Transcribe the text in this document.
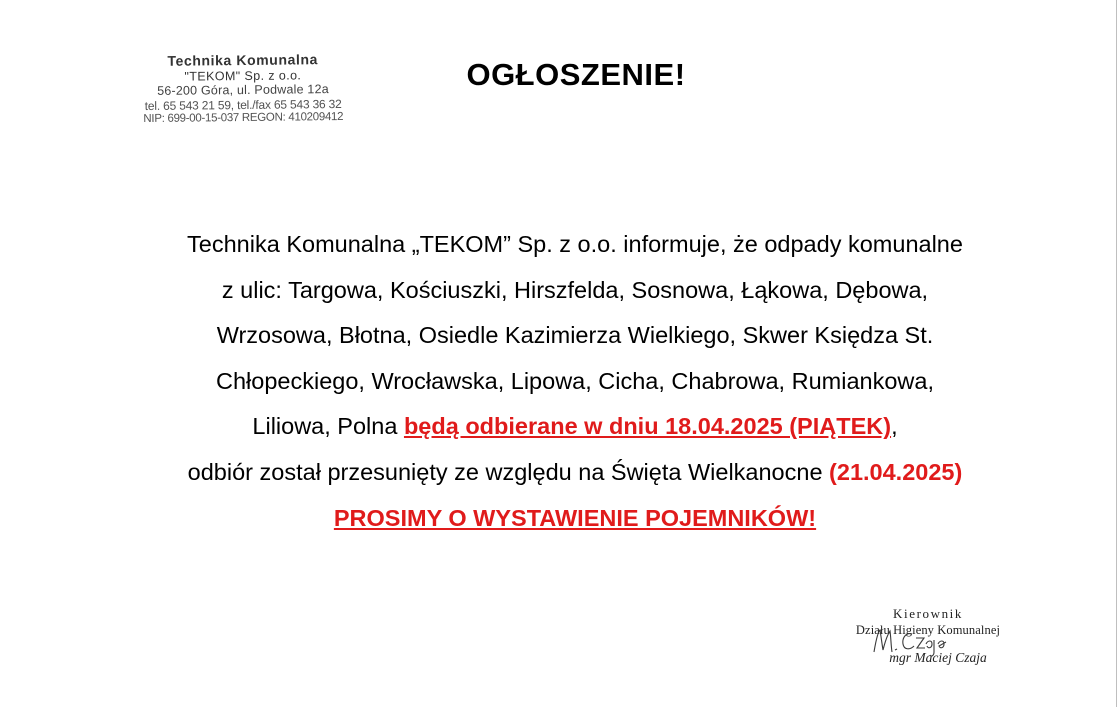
Technika Komunalna
"TEKOM" Sp. z o.o.
56-200 Góra, ul. Podwale 12a
tel. 65 543 21 59, tel./fax 65 543 36 32
NIP: 699-00-15-037 REGON: 410209412
OGŁOSZENIE!
Technika Komunalna „TEKOM” Sp. z o.o. informuje, że odpady komunalne
z ulic: Targowa, Kościuszki, Hirszfelda, Sosnowa, Łąkowa, Dębowa,
Wrzosowa, Błotna, Osiedle Kazimierza Wielkiego, Skwer Księdza St.
Chłopeckiego, Wrocławska, Lipowa, Cicha, Chabrowa, Rumiankowa,
Liliowa, Polna będą odbierane w dniu 18.04.2025 (PIĄTEK),
odbiór został przesunięty ze względu na Święta Wielkanocne (21.04.2025)
PROSIMY O WYSTAWIENIE POJEMNIKÓW!
Kierownik
Działu Higieny Komunalnej
mgr Maciej Czaja
